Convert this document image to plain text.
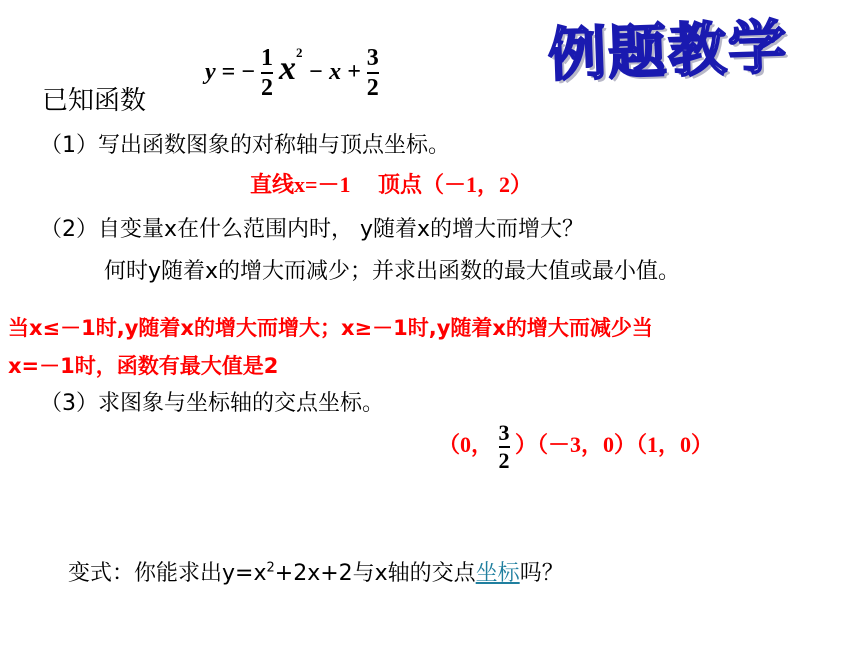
例题教学
已知函数
y = − $\frac{1}{2} x^2 - x + \frac{3}{2}$
（1）写出函数图象的对称轴与顶点坐标。
直线x=－1　 顶点（－1，2）
（2）自变量x在什么范围内时， y随着x的增大而增大？
何时y随着x的增大而减少；并求出函数的最大值或最小值。
当x≤－1时,y随着x的增大而增大；x≥－1时,y随着x的增大而减少当
x=－1时，函数有最大值是2
（3）求图象与坐标轴的交点坐标。
（0， $\frac{3}{2} )(-3$，0）（1，0）
变式：你能求出$y=x^2+2x+2$与x轴的交点坐标吗？
